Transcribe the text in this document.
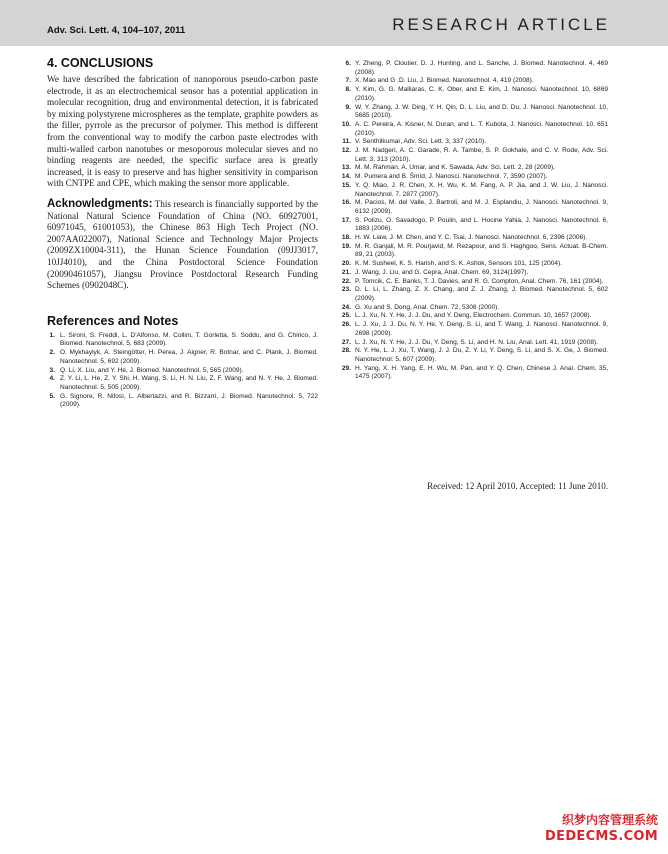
Adv. Sci. Lett. 4, 104–107, 2011	RESEARCH ARTICLE
4. CONCLUSIONS

We have described the fabrication of nanoporous pseudo-carbon paste electrode, it as an electrochemical sensor has a potential application in molecular recognition, drug and environmental detection, it is fabricated by mixing polystyrene microspheres as the template, graphite powders as the filler, pyrrole as the precursor of polymer. This method is different from the conventional way to modify the carbon paste electrodes with multi-walled carbon nanotubes or mesoporous molecular sieves and no binding reagents are needed, the specific surface area is greatly increased, it is easy to preserve and has higher sensitivity in comparison with CNTPE and CPE, which making the sensor more applicable.

Acknowledgments: This research is financially supported by the National Natural Science Foundation of China (NO. 60927001, 60971045, 61001053), the Chinese 863 High Tech Project (NO. 2007AA022007), National Science and Technology Major Projects (2009ZX10004-311), the Hunan Science Foundation (09JJ3017, 10JJ4010), and the China Postdoctoral Science Foundation (20090461057), Jiangsu Province Postdoctoral Research Funding Schemes (0902048C).

References and Notes
1. L. Sironi, S. Freddi, L. D'Alfonso, M. Collini, T. Gorletta, S. Soddu, and G. Chirico, J. Biomed. Nanotechnol. 5, 683 (2009).
2. O. Mykhaylyk, A. Steingötter, H. Perea, J. Aigner, R. Botnar, and C. Plank, J. Biomed. Nanotechnol. 5, 692 (2009).
3. Q. Li, X. Liu, and Y. He, J. Biomed. Nanotechnol. 5, 565 (2009).
4. Z. Y. Li, L. He, Z. Y. Shi, H. Wang, S. Li, H. N. Liu, Z. F. Wang, and N. Y. He, J. Biomed. Nanotechnol. 5, 505 (2009).
5. G. Signore, R. Nifosì, L. Albertazzi, and R. Bizzarri, J. Biomed. Nanotechnol. 5, 722 (2009).
6. Y. Zheng, P. Cloutier, D. J. Hunting, and L. Sanche, J. Biomed. Nanotechnol. 4, 469 (2008).
7. X. Mao and G .D. Liu, J. Biomed. Nanotechnol. 4, 419 (2008).
8. Y. Kim, G. G. Malliaras, C. K. Ober, and E. Kim, J. Nanosci. Nanotechnol. 10, 6869 (2010).
9. W. Y. Zhang, J. W. Ding, Y. H. Qin, D. L. Liu, and D. Du, J. Nanosci. Nanotechnol. 10, 5685 (2010).
10. A. C. Pereira, A. Kisner, N. Duran, and L. T. Kubota, J. Nanosci. Nanotechnol. 10, 651 (2010).
11. V. Senthilkumar, Adv. Sci. Lett. 3, 337 (2010).
12. J. M. Nadgeri, A. C. Garade, R. A. Tambe, S. P. Gokhale, and C. V. Rode, Adv. Sci. Lett. 3, 313 (2010).
13. M. M. Rahman, A. Umar, and K. Sawada, Adv. Sci. Lett. 2, 28 (2009).
14. M. Pumera and B. Šmíd, J. Nanosci. Nanotechnol. 7, 3590 (2007).
15. Y. Q. Miao, J. R. Chen, X. H. Wu, K. M. Fang, A. P. Jia, and J. W. Liu, J. Nanosci. Nanotechnol. 7, 2877 (2007).
16. M. Pacios, M. del Valle, J. Bartroli, and M. J. Esplandiu, J. Nanosci. Nanotechnol. 9, 6132 (2009).
17. S. Polizu, O. Savadogo, P. Poulin, and L. Hocine Yahia, J. Nanosci. Nanotechnol. 6, 1883 (2006).
18. H. W. Liaw, J. M. Chen, and Y. C. Tsai, J. Nanosci. Nanotechnol. 6, 2396 (2006).
19. M. R. Ganjali, M. R. Pourjavid, M. Rezapour, and S. Haghgoo, Sens. Actuat. B-Chem. 89, 21 (2003).
20. K. M. Susheel, K. S. Harish, and S. K. Ashok, Sensors 101, 125 (2004).
21. J. Wang, J. Liu, and G. Cepra, Anal. Chem. 69, 3124(1997).
22. P. Tomcik, C. E. Banks, T. J. Davies, and R. G. Compton, Anal. Chem. 76, 161 (2004).
23. D. L. Li, L. Zhang, Z. X. Chang, and Z. J. Zhang, J. Biomed. Nanotechnol. 5, 602 (2009).
24. G. Xu and S. Dong, Anal. Chem. 72, 5308 (2000).
25. L. J. Xu, N. Y. He, J. J. Du, and Y. Deng, Electrochem. Commun. 10, 1657 (2008).
26. L. J. Xu, J. J. Du, N. Y. He, Y. Deng, S. Li, and T. Wang, J. Nanosci. Nanotechnol. 9, 2698 (2009).
27. L. J. Xu, N. Y. He, J. J. Du, Y. Deng, S. Li, and H. N. Liu, Anal. Lett. 41, 1919 (2008).
28. N. Y. He, L. J. Xu, T. Wang, J. J. Du, Z. Y. Li, Y. Deng, S. Li, and S. X. Ge, J. Biomed. Nanotechnol. 5, 607 (2009).
29. H. Yang, X. H. Yang, E. H. Wu, M. Pan, and Y. Q. Chen, Chinese J. Anal. Chem. 35, 1475 (2007).
Received: 12 April 2010. Accepted: 11 June 2010.
织梦内容管理系统
DEDECMS.COM
